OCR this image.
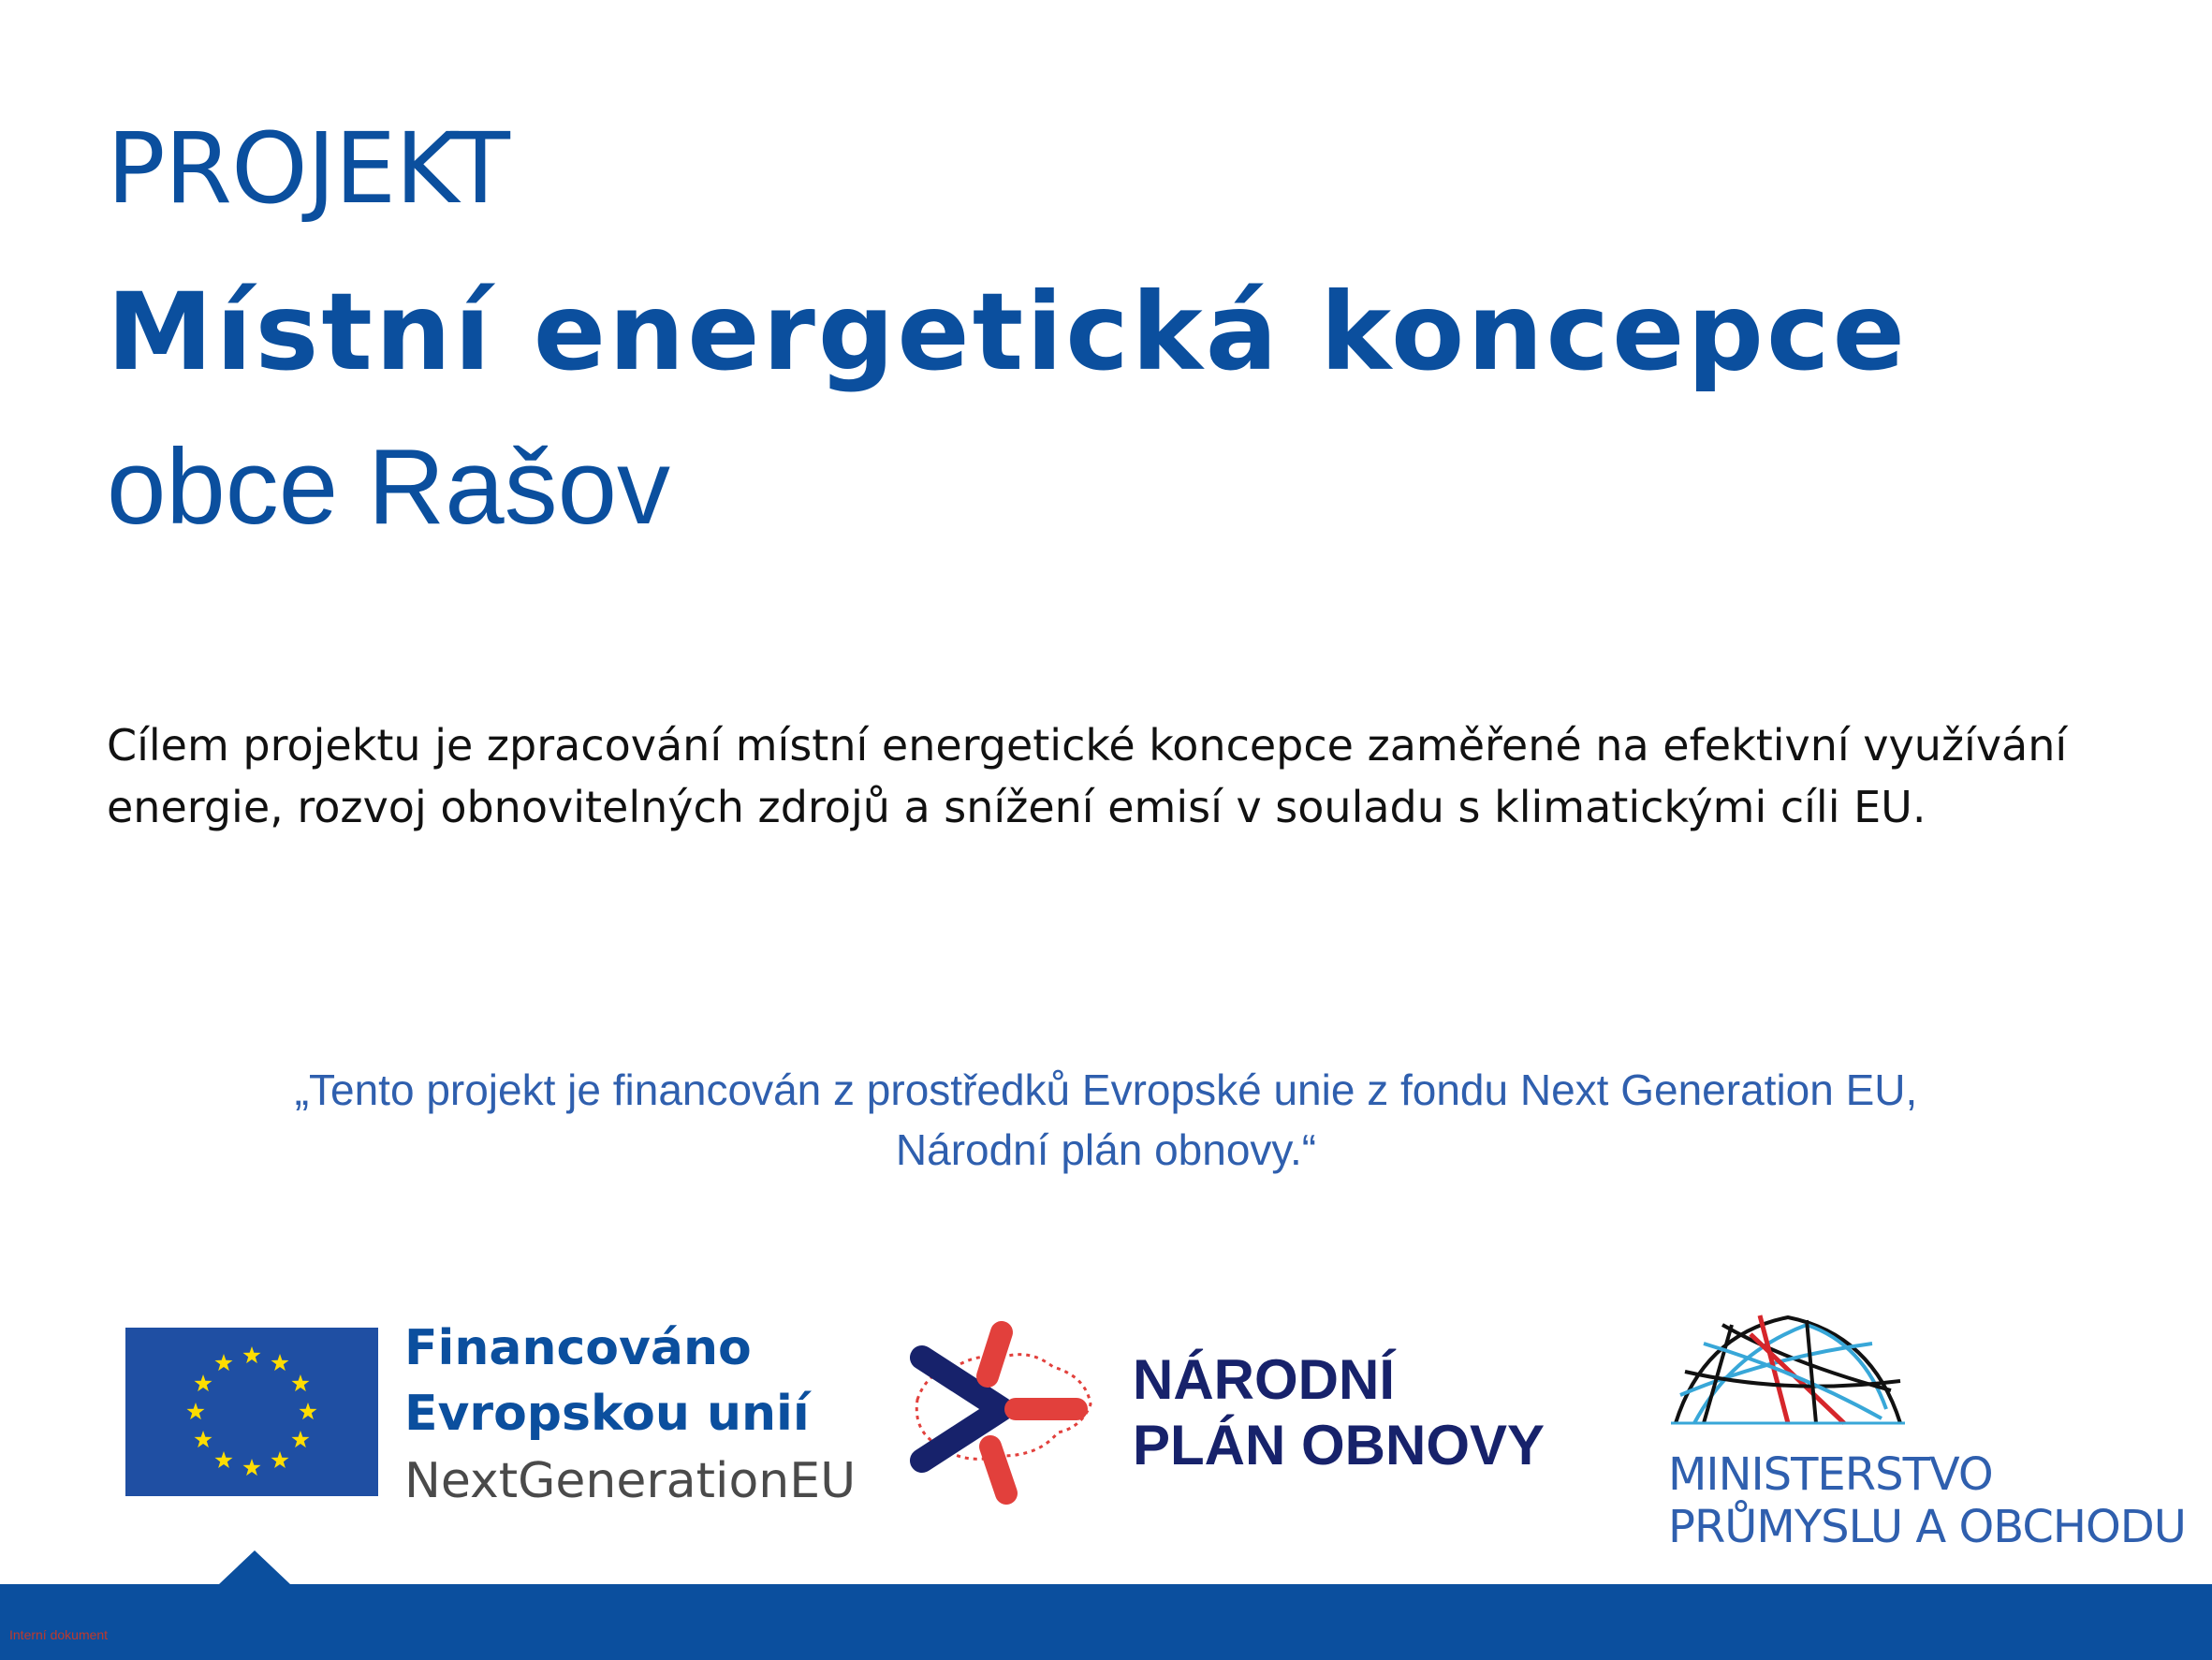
PROJEKT
Místní energetická koncepce
obce Rašov

Cílem projektu je zpracování místní energetické koncepce zaměřené na efektivní využívání energie, rozvoj obnovitelných zdrojů a snížení emisí v souladu s klimatickými cíli EU.

„Tento projekt je financován z prostředků Evropské unie z fondu Next Generation EU,
Národní plán obnovy.“

Financováno

Evropskou unií

NextGenerationEU

NÁRODNÍ

PLÁN OBNOVY	MINISTERSTVO

PRŮMYSLU A OBCHODU

Interní dokument
